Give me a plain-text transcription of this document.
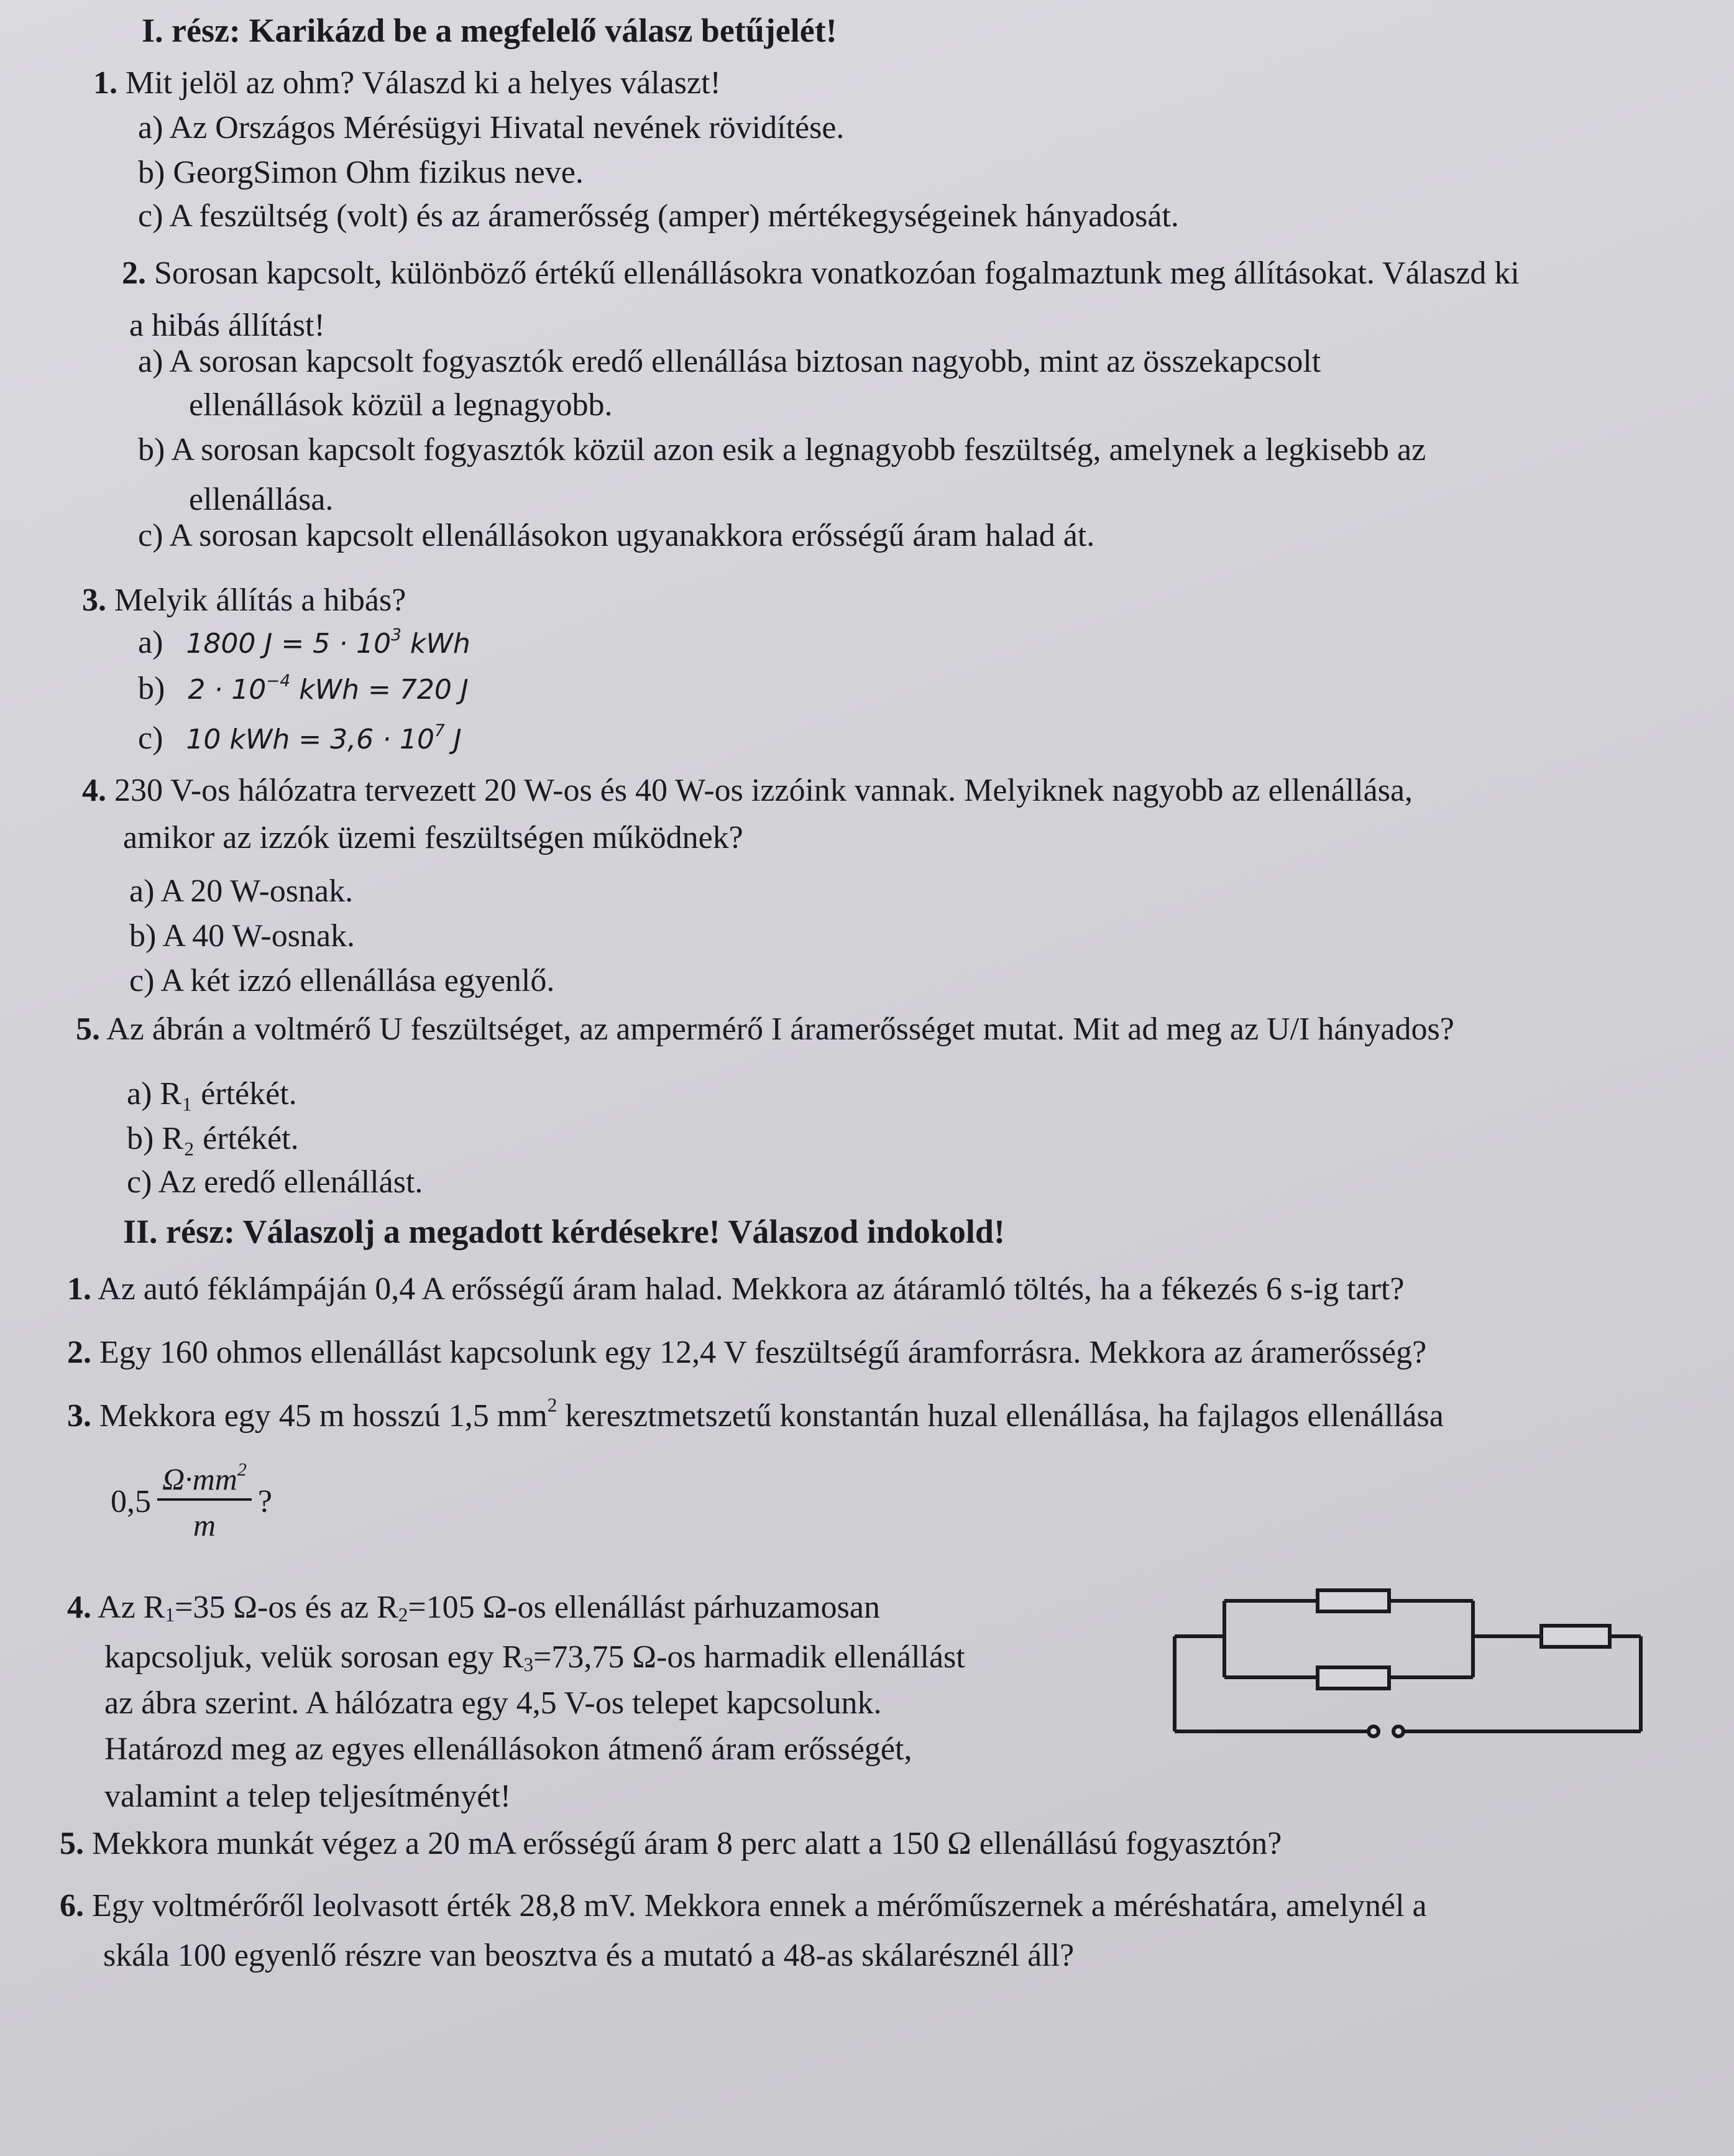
I. rész: Karikázd be a megfelelő válasz betűjelét!
1. Mit jelöl az ohm? Válaszd ki a helyes választ!
a) Az Országos Mérésügyi Hivatal nevének rövidítése.
b) GeorgSimon Ohm fizikus neve.
c) A feszültség (volt) és az áramerősség (amper) mértékegységeinek hányadosát.
2. Sorosan kapcsolt, különböző értékű ellenállásokra vonatkozóan fogalmaztunk meg állításokat. Válaszd ki
a hibás állítást!
a) A sorosan kapcsolt fogyasztók eredő ellenállása biztosan nagyobb, mint az összekapcsolt
ellenállások közül a legnagyobb.
b) A sorosan kapcsolt fogyasztók közül azon esik a legnagyobb feszültség, amelynek a legkisebb az
ellenállása.
c) A sorosan kapcsolt ellenállásokon ugyanakkora erősségű áram halad át.
3. Melyik állítás a hibás?
a) 1800 $J = 5 \cdot 10^3$ kWh
b) $2 \cdot 10^{-4}$ kWh = 720 J
c) 10 kWh = $3,6 \cdot 10^7$ J
4. 230 V-os hálózatra tervezett 20 W-os és 40 W-os izzóink vannak. Melyiknek nagyobb az ellenállása,
amikor az izzók üzemi feszültségen működnek?
a) A 20 W-osnak.
b) A 40 W-osnak.
c) A két izzó ellenállása egyenlő.
5. Az ábrán a voltmérő U feszültséget, az ampermérő I áramerősséget mutat. Mit ad meg az U/I hányados?
a) R₁ értékét.
b) R₂ értékét.
c) Az eredő ellenállást.
II. rész: Válaszolj a megadott kérdésekre! Válaszod indokold!
1. Az autó féklámpáján 0,4 A erősségű áram halad. Mekkora az átáramló töltés, ha a fékezés 6 s-ig tart?
2. Egy 160 ohmos ellenállást kapcsolunk egy 12,4 V feszültségű áramforrásra. Mekkora az áramerősség?
3. Mekkora egy 45 m hosszú 1,5 $mm^2$ keresztmetszetű konstantán huzal ellenállása, ha fajlagos ellenállása
$0,5 \frac{\Omega\cdot mm^2}{m}$ ?
4. Az $R_1=35$ Ω-os és az $R_2=105$ Ω-os ellenállást párhuzamosan
kapcsoljuk, velük sorosan egy $R_3=73,75$ Ω-os harmadik ellenállást
az ábra szerint. A hálózatra egy 4,5 V-os telepet kapcsolunk.
Határozd meg az egyes ellenállásokon átmenő áram erősségét,
valamint a telep teljesítményét!
5. Mekkora munkát végez a 20 mA erősségű áram 8 perc alatt a 150 Ω ellenállású fogyasztón?
6. Egy voltmérőről leolvasott érték 28,8 mV. Mekkora ennek a mérőműszernek a méréshatára, amelynél a
skála 100 egyenlő részre van beosztva és a mutató a 48-as skálarésznél áll?
